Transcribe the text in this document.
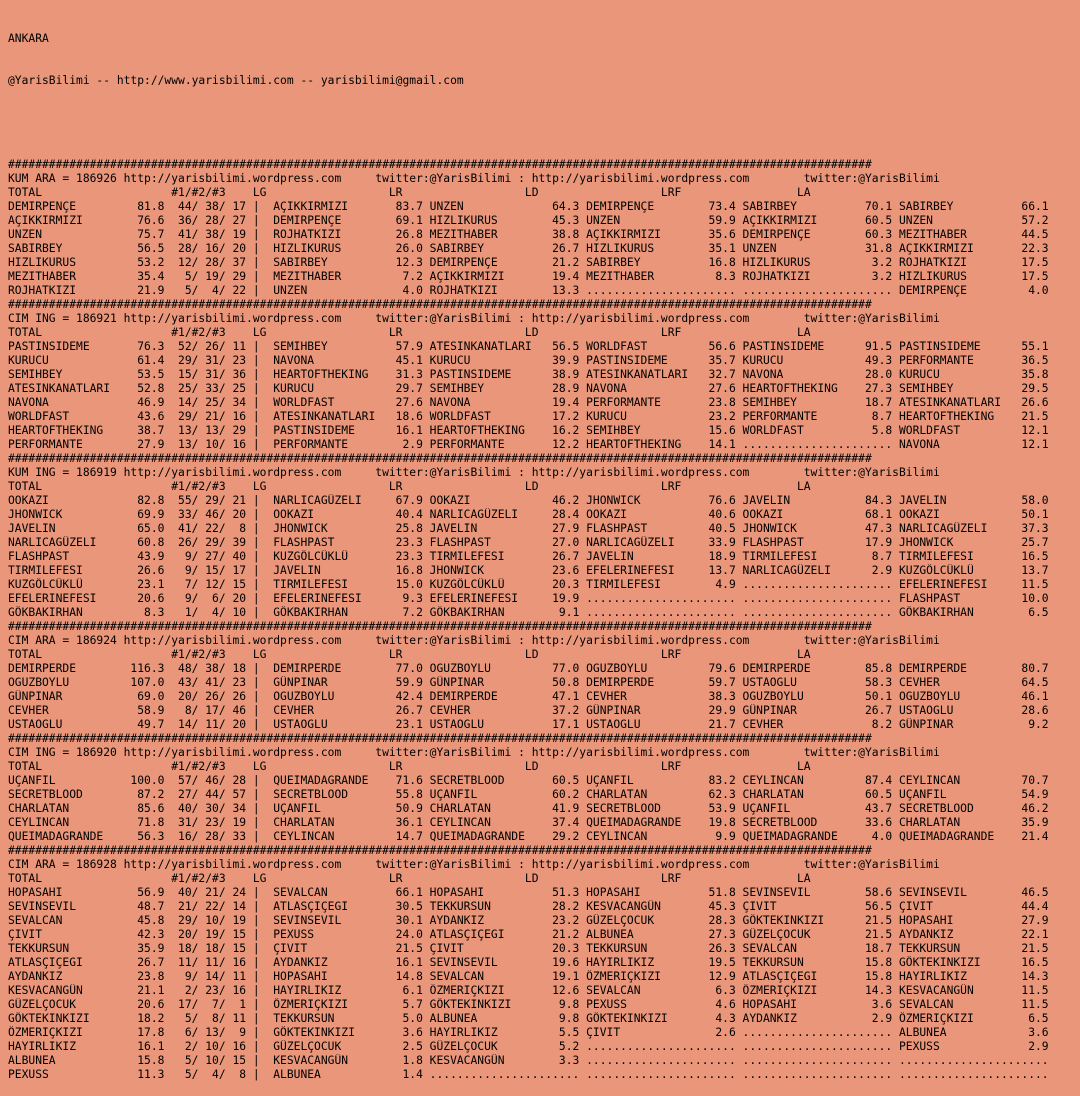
ANKARA

@YarisBilimi -- http://www.yarisbilimi.com -- yarisbilimi@gmail.com

###############################################################################################################################
KUM ARA = 186926 http://yarisbilimi.wordpress.com     twitter:@YarisBilimi : http://yarisbilimi.wordpress.com        twitter:@YarisBilimi
TOTAL                   #1/#2/#3    LG                  LR                  LD                  LRF                 LA
DEMIRPENÇE         81.8  44/ 38/ 17 |  AÇIKKIRMIZI       83.7 UNZEN             64.3 DEMIRPENÇE        73.4 SABIRBEY          70.1 SABIRBEY          66.1
AÇIKKIRMIZI        76.6  36/ 28/ 27 |  DEMIRPENÇE        69.1 HIZLIKURUS        45.3 UNZEN             59.9 AÇIKKIRMIZI       60.5 UNZEN             57.2
UNZEN              75.7  41/ 38/ 19 |  ROJHATKIZI        26.8 MEZITHABER        38.8 AÇIKKIRMIZI       35.6 DEMIRPENÇE        60.3 MEZITHABER        44.5
SABIRBEY           56.5  28/ 16/ 20 |  HIZLIKURUS        26.0 SABIRBEY          26.7 HIZLIKURUS        35.1 UNZEN             31.8 AÇIKKIRMIZI       22.3
HIZLIKURUS         53.2  12/ 28/ 37 |  SABIRBEY          12.3 DEMIRPENÇE        21.2 SABIRBEY          16.8 HIZLIKURUS         3.2 ROJHATKIZI        17.5
MEZITHABER         35.4   5/ 19/ 29 |  MEZITHABER         7.2 AÇIKKIRMIZI       19.4 MEZITHABER         8.3 ROJHATKIZI         3.2 HIZLIKURUS        17.5
ROJHATKIZI         21.9   5/  4/ 22 |  UNZEN              4.0 ROJHATKIZI        13.3 ...................... ...................... DEMIRPENÇE         4.0
###############################################################################################################################
CIM ING = 186921 http://yarisbilimi.wordpress.com     twitter:@YarisBilimi : http://yarisbilimi.wordpress.com        twitter:@YarisBilimi
TOTAL                   #1/#2/#3    LG                  LR                  LD                  LRF                 LA
PASTINSIDEME       76.3  52/ 26/ 11 |  SEMIHBEY          57.9 ATESINKANATLARI   56.5 WORLDFAST         56.6 PASTINSIDEME      91.5 PASTINSIDEME      55.1
KURUCU             61.4  29/ 31/ 23 |  NAVONA            45.1 KURUCU            39.9 PASTINSIDEME      35.7 KURUCU            49.3 PERFORMANTE       36.5
SEMIHBEY           53.5  15/ 31/ 36 |  HEARTOFTHEKING    31.3 PASTINSIDEME      38.9 ATESINKANATLARI   32.7 NAVONA            28.0 KURUCU            35.8
ATESINKANATLARI    52.8  25/ 33/ 25 |  KURUCU            29.7 SEMIHBEY          28.9 NAVONA            27.6 HEARTOFTHEKING    27.3 SEMIHBEY          29.5
NAVONA             46.9  14/ 25/ 34 |  WORLDFAST         27.6 NAVONA            19.4 PERFORMANTE       23.8 SEMIHBEY          18.7 ATESINKANATLARI   26.6
WORLDFAST          43.6  29/ 21/ 16 |  ATESINKANATLARI   18.6 WORLDFAST         17.2 KURUCU            23.2 PERFORMANTE        8.7 HEARTOFTHEKING    21.5
HEARTOFTHEKING     38.7  13/ 13/ 29 |  PASTINSIDEME      16.1 HEARTOFTHEKING    16.2 SEMIHBEY          15.6 WORLDFAST          5.8 WORLDFAST         12.1
PERFORMANTE        27.9  13/ 10/ 16 |  PERFORMANTE        2.9 PERFORMANTE       12.2 HEARTOFTHEKING    14.1 ...................... NAVONA            12.1
###############################################################################################################################
KUM ING = 186919 http://yarisbilimi.wordpress.com     twitter:@YarisBilimi : http://yarisbilimi.wordpress.com        twitter:@YarisBilimi
TOTAL                   #1/#2/#3    LG                  LR                  LD                  LRF                 LA
OOKAZI             82.8  55/ 29/ 21 |  NARLICAGÜZELI     67.9 OOKAZI            46.2 JHONWICK          76.6 JAVELIN           84.3 JAVELIN           58.0
JHONWICK           69.9  33/ 46/ 20 |  OOKAZI            40.4 NARLICAGÜZELI     28.4 OOKAZI            40.6 OOKAZI            68.1 OOKAZI            50.1
JAVELIN            65.0  41/ 22/  8 |  JHONWICK          25.8 JAVELIN           27.9 FLASHPAST         40.5 JHONWICK          47.3 NARLICAGÜZELI     37.3
NARLICAGÜZELI      60.8  26/ 29/ 39 |  FLASHPAST         23.3 FLASHPAST         27.0 NARLICAGÜZELI     33.9 FLASHPAST         17.9 JHONWICK          25.7
FLASHPAST          43.9   9/ 27/ 40 |  KUZGÖLCÜKLÜ       23.3 TIRMILEFESI       26.7 JAVELIN           18.9 TIRMILEFESI        8.7 TIRMILEFESI       16.5
TIRMILEFESI        26.6   9/ 15/ 17 |  JAVELIN           16.8 JHONWICK          23.6 EFELERINEFESI     13.7 NARLICAGÜZELI      2.9 KUZGÖLCÜKLÜ       13.7
KUZGÖLCÜKLÜ        23.1   7/ 12/ 15 |  TIRMILEFESI       15.0 KUZGÖLCÜKLÜ       20.3 TIRMILEFESI        4.9 ...................... EFELERINEFESI     11.5
EFELERINEFESI      20.6   9/  6/ 20 |  EFELERINEFESI      9.3 EFELERINEFESI     19.9 ...................... ...................... FLASHPAST         10.0
GÖKBAKIRHAN         8.3   1/  4/ 10 |  GÖKBAKIRHAN        7.2 GÖKBAKIRHAN        9.1 ...................... ...................... GÖKBAKIRHAN        6.5
###############################################################################################################################
CIM ARA = 186924 http://yarisbilimi.wordpress.com     twitter:@YarisBilimi : http://yarisbilimi.wordpress.com        twitter:@YarisBilimi
TOTAL                   #1/#2/#3    LG                  LR                  LD                  LRF                 LA
DEMIRPERDE        116.3  48/ 38/ 18 |  DEMIRPERDE        77.0 OGUZBOYLU         77.0 OGUZBOYLU         79.6 DEMIRPERDE        85.8 DEMIRPERDE        80.7
OGUZBOYLU         107.0  43/ 41/ 23 |  GÜNPINAR          59.9 GÜNPINAR          50.8 DEMIRPERDE        59.7 USTAOGLU          58.3 CEVHER            64.5
GÜNPINAR           69.0  20/ 26/ 26 |  OGUZBOYLU         42.4 DEMIRPERDE        47.1 CEVHER            38.3 OGUZBOYLU         50.1 OGUZBOYLU         46.1
CEVHER             58.9   8/ 17/ 46 |  CEVHER            26.7 CEVHER            37.2 GÜNPINAR          29.9 GÜNPINAR          26.7 USTAOGLU          28.6
USTAOGLU           49.7  14/ 11/ 20 |  USTAOGLU          23.1 USTAOGLU          17.1 USTAOGLU          21.7 CEVHER             8.2 GÜNPINAR           9.2
###############################################################################################################################
CIM ING = 186920 http://yarisbilimi.wordpress.com     twitter:@YarisBilimi : http://yarisbilimi.wordpress.com        twitter:@YarisBilimi
TOTAL                   #1/#2/#3    LG                  LR                  LD                  LRF                 LA
UÇANFIL           100.0  57/ 46/ 28 |  QUEIMADAGRANDE    71.6 SECRETBLOOD       60.5 UÇANFIL           83.2 CEYLINCAN         87.4 CEYLINCAN         70.7
SECRETBLOOD        87.2  27/ 44/ 57 |  SECRETBLOOD       55.8 UÇANFIL           60.2 CHARLATAN         62.3 CHARLATAN         60.5 UÇANFIL           54.9
CHARLATAN          85.6  40/ 30/ 34 |  UÇANFIL           50.9 CHARLATAN         41.9 SECRETBLOOD       53.9 UÇANFIL           43.7 SECRETBLOOD       46.2
CEYLINCAN          71.8  31/ 23/ 19 |  CHARLATAN         36.1 CEYLINCAN         37.4 QUEIMADAGRANDE    19.8 SECRETBLOOD       33.6 CHARLATAN         35.9
QUEIMADAGRANDE     56.3  16/ 28/ 33 |  CEYLINCAN         14.7 QUEIMADAGRANDE    29.2 CEYLINCAN          9.9 QUEIMADAGRANDE     4.0 QUEIMADAGRANDE    21.4
###############################################################################################################################
CIM ARA = 186928 http://yarisbilimi.wordpress.com     twitter:@YarisBilimi : http://yarisbilimi.wordpress.com        twitter:@YarisBilimi
TOTAL                   #1/#2/#3    LG                  LR                  LD                  LRF                 LA
HOPASAHI           56.9  40/ 21/ 24 |  SEVALCAN          66.1 HOPASAHI          51.3 HOPASAHI          51.8 SEVINSEVIL        58.6 SEVINSEVIL        46.5
SEVINSEVIL         48.7  21/ 22/ 14 |  ATLASÇIÇEGI       30.5 TEKKURSUN         28.2 KESVACANGÜN       45.3 ÇIVIT             56.5 ÇIVIT             44.4
SEVALCAN           45.8  29/ 10/ 19 |  SEVINSEVIL        30.1 AYDANKIZ          23.2 GÜZELÇOCUK        28.3 GÖKTEKINKIZI      21.5 HOPASAHI          27.9
ÇIVIT              42.3  20/ 19/ 15 |  PEXUSS            24.0 ATLASÇIÇEGI       21.2 ALBUNEA           27.3 GÜZELÇOCUK        21.5 AYDANKIZ          22.1
TEKKURSUN          35.9  18/ 18/ 15 |  ÇIVIT             21.5 ÇIVIT             20.3 TEKKURSUN         26.3 SEVALCAN          18.7 TEKKURSUN         21.5
ATLASÇIÇEGI        26.7  11/ 11/ 16 |  AYDANKIZ          16.1 SEVINSEVIL        19.6 HAYIRLIKIZ        19.5 TEKKURSUN         15.8 GÖKTEKINKIZI      16.5
AYDANKIZ           23.8   9/ 14/ 11 |  HOPASAHI          14.8 SEVALCAN          19.1 ÖZMERIÇKIZI       12.9 ATLASÇIÇEGI       15.8 HAYIRLIKIZ        14.3
KESVACANGÜN        21.1   2/ 23/ 16 |  HAYIRLIKIZ         6.1 ÖZMERIÇKIZI       12.6 SEVALCAN           6.3 ÖZMERIÇKIZI       14.3 KESVACANGÜN       11.5
GÜZELÇOCUK         20.6  17/  7/  1 |  ÖZMERIÇKIZI        5.7 GÖKTEKINKIZI       9.8 PEXUSS             4.6 HOPASAHI           3.6 SEVALCAN          11.5
GÖKTEKINKIZI       18.2   5/  8/ 11 |  TEKKURSUN          5.0 ALBUNEA            9.8 GÖKTEKINKIZI       4.3 AYDANKIZ           2.9 ÖZMERIÇKIZI        6.5
ÖZMERIÇKIZI        17.8   6/ 13/  9 |  GÖKTEKINKIZI       3.6 HAYIRLIKIZ         5.5 ÇIVIT              2.6 ...................... ALBUNEA            3.6
HAYIRLIKIZ         16.1   2/ 10/ 16 |  GÜZELÇOCUK         2.5 GÜZELÇOCUK         5.2 ...................... ...................... PEXUSS             2.9
ALBUNEA            15.8   5/ 10/ 15 |  KESVACANGÜN        1.8 KESVACANGÜN        3.3 ...................... ...................... ......................
PEXUSS             11.3   5/  4/  8 |  ALBUNEA            1.4 ...................... ...................... ...................... ......................
